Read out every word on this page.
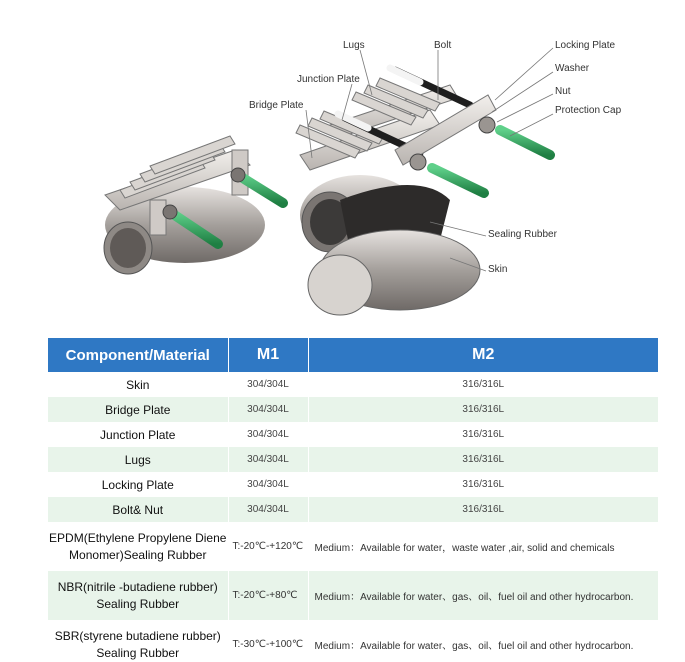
Lugs	Bolt	Locking Plate
Junction Plate
Washer
Nut
Bridge Plate	Protection Cap
Sealing Rubber
Skin
Component/Material	M1	M2
Skin	304/304L	316/316L
Bridge Plate	304/304L	316/316L
Junction Plate	304/304L	316/316L
Lugs	304/304L	316/316L
Locking Plate	304/304L	316/316L
Bolt& Nut	304/304L	316/316L
EPDM(Ethylene Propylene Diene
Monomer)Sealing Rubber	T:-20℃-+120℃	Medium：Available for water，waste water ,air, solid and chemicals
NBR(nitrile -butadiene rubber)
Sealing Rubber	T:-20℃-+80℃	Medium：Available for water、gas、oil、fuel oil and other hydrocarbon.
SBR(styrene butadiene rubber)
Sealing Rubber	T:-30℃-+100℃	Medium：Available for water、gas、oil、fuel oil and other hydrocarbon.
